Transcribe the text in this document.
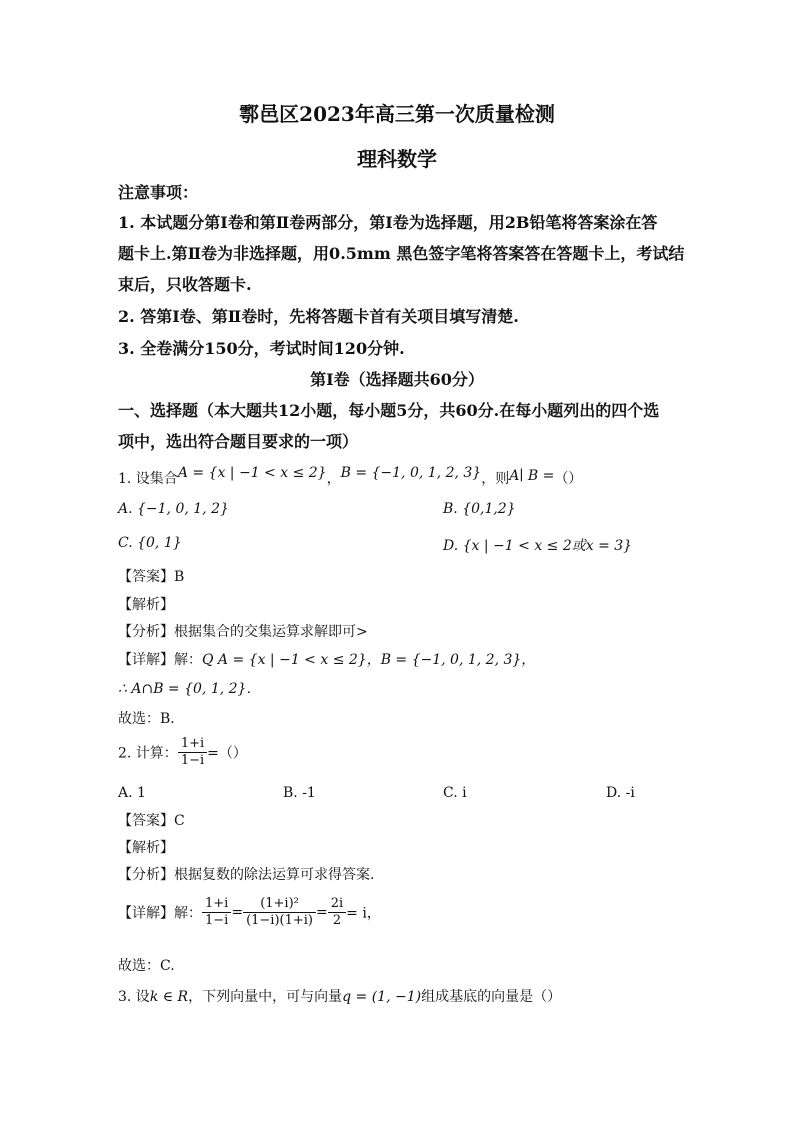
鄠邑区2023年高三第一次质量检测
理科数学
注意事项：
1. 本试题分第Ⅰ卷和第Ⅱ卷两部分，第Ⅰ卷为选择题，用2B铅笔将答案涂在答
题卡上.第Ⅱ卷为非选择题，用0.5mm 黑色签字笔将答案答在答题卡上，考试结
束后，只收答题卡.
2. 答第Ⅰ卷、第Ⅱ卷时，先将答题卡首有关项目填写清楚.
3. 全卷满分150分，考试时间120分钟.
第Ⅰ卷（选择题共60分）
一、选择题（本大题共12小题，每小题5分，共60分.在每小题列出的四个选
项中，选出符合题目要求的一项）
1. 设集合A = {x | −1 < x ≤ 2}，B = {−1, 0, 1, 2, 3}，则A∣ B =（）
A. {−1, 0, 1, 2}	B. {0,1,2}
C. {0, 1}	D. {x | −1 < x ≤ 2或x = 3}
【答案】B
【解析】
【分析】根据集合的交集运算求解即可>
【详解】解：Q A = {x | −1 < x ≤ 2}，B = {−1, 0, 1, 2, 3}，
∴ A∩B = {0, 1, 2}．
故选：B．
2. 计算： $\frac{1+i}{1-i}$ =（）
A. 1	B. -1	C. i	D. -i
【答案】C
【解析】
【分析】根据复数的除法运算可求得答案.
【详解】解： $\frac{1+i}{1-i} = \frac{\text{(1+i)²}}{(1-i)(1+i)} = \frac{2i}{2} = i$，
故选：C.
3. 设k ∈ R，下列向量中，可与向量q = (1, −1)组成基底的向量是（）
